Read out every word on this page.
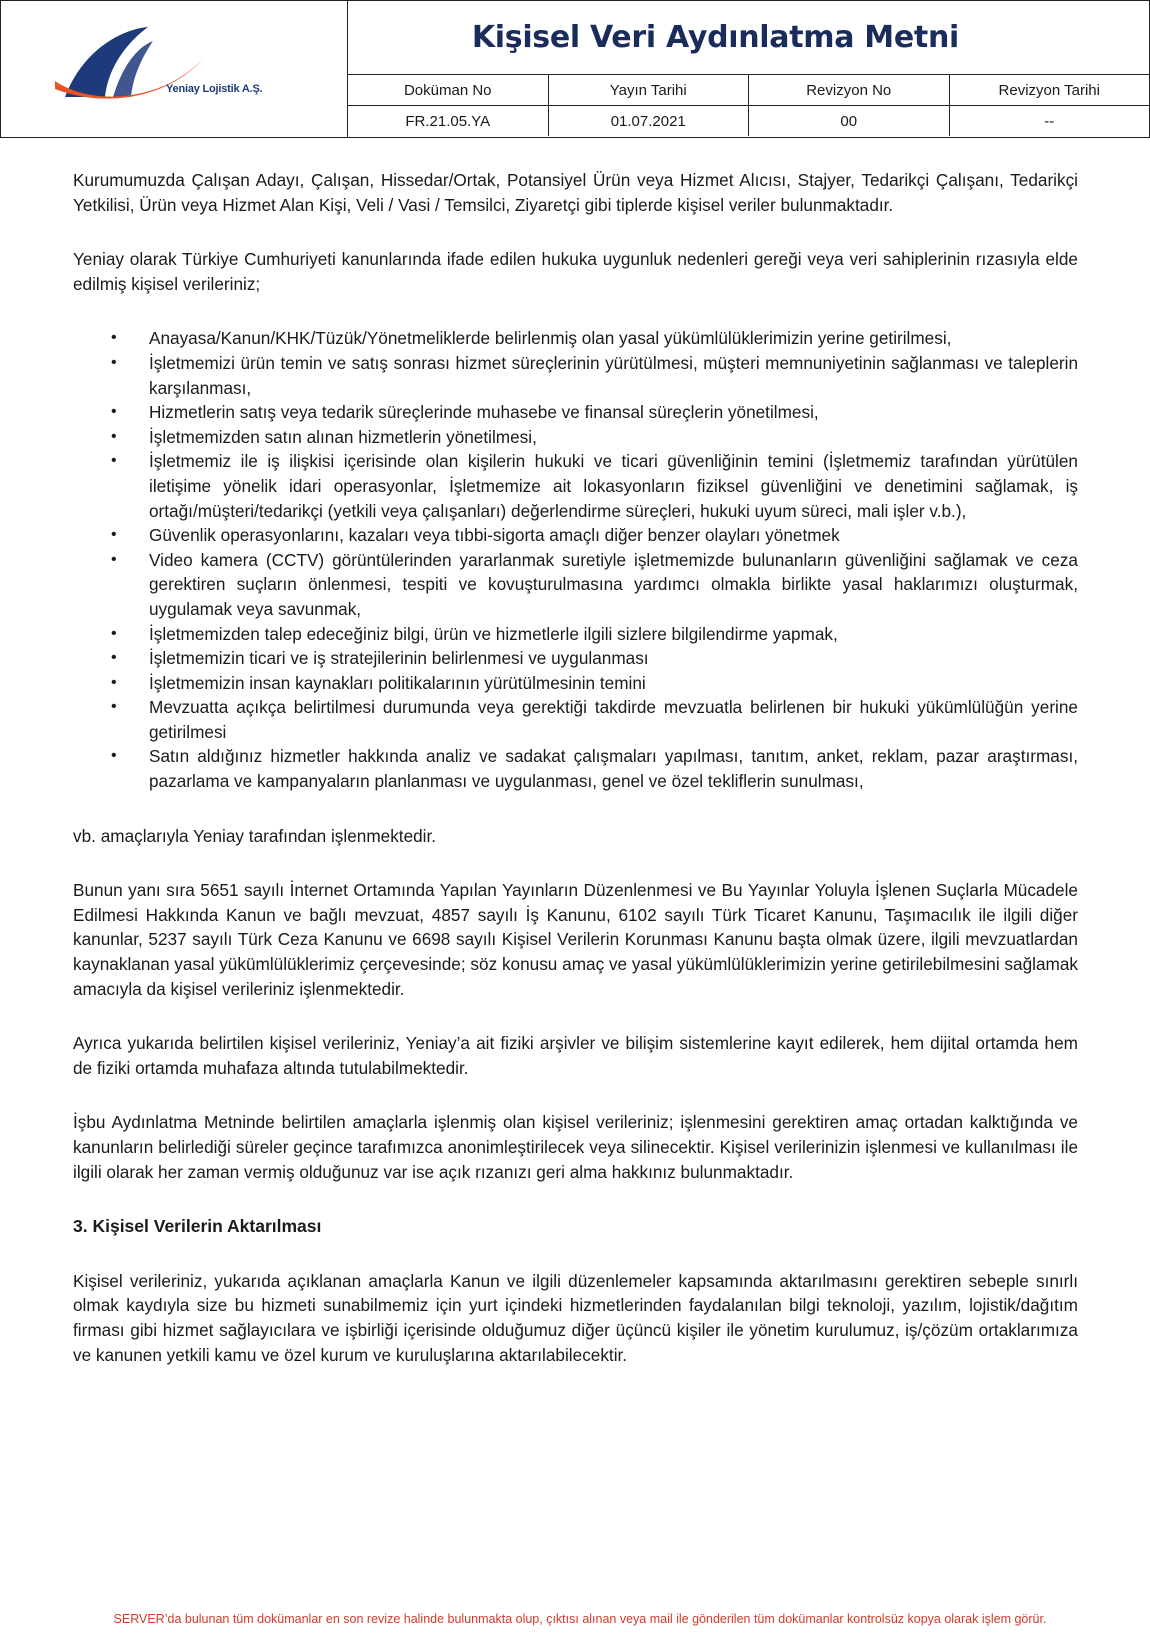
Yeniay Lojistik A.Ş.
Kişisel Veri Aydınlatma Metni
Doküman No	Yayın Tarihi	Revizyon No	Revizyon Tarihi
FR.21.05.YA	01.07.2021	00	--

Kurumumuzda Çalışan Adayı, Çalışan, Hissedar/Ortak, Potansiyel Ürün veya Hizmet Alıcısı, Stajyer, Tedarikçi Çalışanı, Tedarikçi Yetkilisi, Ürün veya Hizmet Alan Kişi, Veli / Vasi / Temsilci, Ziyaretçi gibi tiplerde kişisel veriler bulunmaktadır.

Yeniay olarak Türkiye Cumhuriyeti kanunlarında ifade edilen hukuka uygunluk nedenleri gereği veya veri sahiplerinin rızasıyla elde edilmiş kişisel verileriniz;

• Anayasa/Kanun/KHK/Tüzük/Yönetmeliklerde belirlenmiş olan yasal yükümlülüklerimizin yerine getirilmesi,
• İşletmemizi ürün temin ve satış sonrası hizmet süreçlerinin yürütülmesi, müşteri memnuniyetinin sağlanması ve taleplerin karşılanması,
• Hizmetlerin satış veya tedarik süreçlerinde muhasebe ve finansal süreçlerin yönetilmesi,
• İşletmemizden satın alınan hizmetlerin yönetilmesi,
• İşletmemiz ile iş ilişkisi içerisinde olan kişilerin hukuki ve ticari güvenliğinin temini (İşletmemiz tarafından yürütülen iletişime yönelik idari operasyonlar, İşletmemize ait lokasyonların fiziksel güvenliğini ve denetimini sağlamak, iş ortağı/müşteri/tedarikçi (yetkili veya çalışanları) değerlendirme süreçleri, hukuki uyum süreci, mali işler v.b.),
• Güvenlik operasyonlarını, kazaları veya tıbbi-sigorta amaçlı diğer benzer olayları yönetmek
• Video kamera (CCTV) görüntülerinden yararlanmak suretiyle işletmemizde bulunanların güvenliğini sağlamak ve ceza gerektiren suçların önlenmesi, tespiti ve kovuşturulmasına yardımcı olmakla birlikte yasal haklarımızı oluşturmak, uygulamak veya savunmak,
• İşletmemizden talep edeceğiniz bilgi, ürün ve hizmetlerle ilgili sizlere bilgilendirme yapmak,
• İşletmemizin ticari ve iş stratejilerinin belirlenmesi ve uygulanması
• İşletmemizin insan kaynakları politikalarının yürütülmesinin temini
• Mevzuatta açıkça belirtilmesi durumunda veya gerektiği takdirde mevzuatla belirlenen bir hukuki yükümlülüğün yerine getirilmesi
• Satın aldığınız hizmetler hakkında analiz ve sadakat çalışmaları yapılması, tanıtım, anket, reklam, pazar araştırması, pazarlama ve kampanyaların planlanması ve uygulanması, genel ve özel tekliflerin sunulması,

vb. amaçlarıyla Yeniay tarafından işlenmektedir.

Bunun yanı sıra 5651 sayılı İnternet Ortamında Yapılan Yayınların Düzenlenmesi ve Bu Yayınlar Yoluyla İşlenen Suçlarla Mücadele Edilmesi Hakkında Kanun ve bağlı mevzuat, 4857 sayılı İş Kanunu, 6102 sayılı Türk Ticaret Kanunu, Taşımacılık ile ilgili diğer kanunlar, 5237 sayılı Türk Ceza Kanunu ve 6698 sayılı Kişisel Verilerin Korunması Kanunu başta olmak üzere, ilgili mevzuatlardan kaynaklanan yasal yükümlülüklerimiz çerçevesinde; söz konusu amaç ve yasal yükümlülüklerimizin yerine getirilebilmesini sağlamak amacıyla da kişisel verileriniz işlenmektedir.

Ayrıca yukarıda belirtilen kişisel verileriniz, Yeniay’a ait fiziki arşivler ve bilişim sistemlerine kayıt edilerek, hem dijital ortamda hem de fiziki ortamda muhafaza altında tutulabilmektedir.

İşbu Aydınlatma Metninde belirtilen amaçlarla işlenmiş olan kişisel verileriniz; işlenmesini gerektiren amaç ortadan kalktığında ve kanunların belirlediği süreler geçince tarafımızca anonimleştirilecek veya silinecektir. Kişisel verilerinizin işlenmesi ve kullanılması ile ilgili olarak her zaman vermiş olduğunuz var ise açık rızanızı geri alma hakkınız bulunmaktadır.

3. Kişisel Verilerin Aktarılması

Kişisel verileriniz, yukarıda açıklanan amaçlarla Kanun ve ilgili düzenlemeler kapsamında aktarılmasını gerektiren sebeple sınırlı olmak kaydıyla size bu hizmeti sunabilmemiz için yurt içindeki hizmetlerinden faydalanılan bilgi teknoloji, yazılım, lojistik/dağıtım firması gibi hizmet sağlayıcılara ve işbirliği içerisinde olduğumuz diğer üçüncü kişiler ile yönetim kurulumuz, iş/çözüm ortaklarımıza ve kanunen yetkili kamu ve özel kurum ve kuruluşlarına aktarılabilecektir.

SERVER’da bulunan tüm dokümanlar en son revize halinde bulunmakta olup, çıktısı alınan veya mail ile gönderilen tüm dokümanlar kontrolsüz kopya olarak işlem görür.
